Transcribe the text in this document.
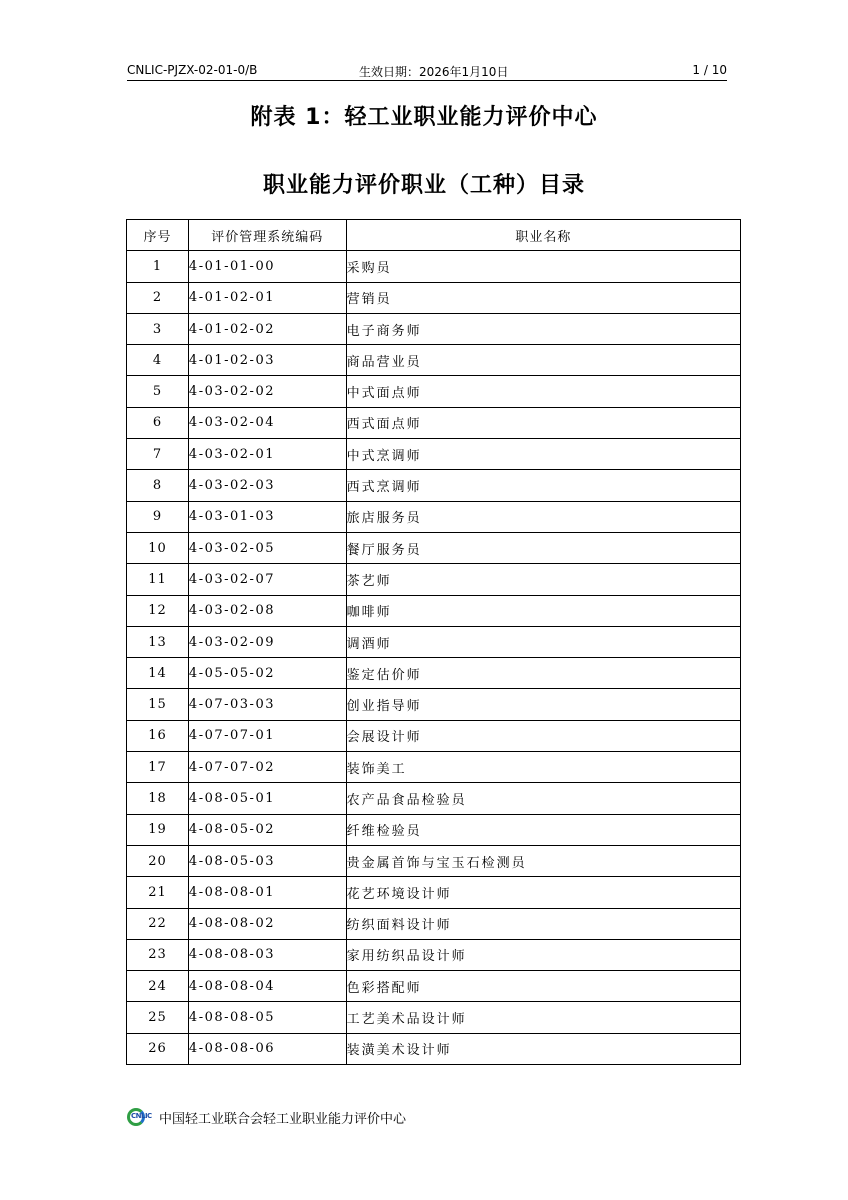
CNLIC-PJZX-02-01-0/B	生效日期：2026年1月10日	1 / 10
附表 1：轻工业职业能力评价中心
职业能力评价职业（工种）目录
序号	评价管理系统编码	职业名称
1	4-01-01-00	采购员
2	4-01-02-01	营销员
3	4-01-02-02	电子商务师
4	4-01-02-03	商品营业员
5	4-03-02-02	中式面点师
6	4-03-02-04	西式面点师
7	4-03-02-01	中式烹调师
8	4-03-02-03	西式烹调师
9	4-03-01-03	旅店服务员
10	4-03-02-05	餐厅服务员
11	4-03-02-07	茶艺师
12	4-03-02-08	咖啡师
13	4-03-02-09	调酒师
14	4-05-05-02	鉴定估价师
15	4-07-03-03	创业指导师
16	4-07-07-01	会展设计师
17	4-07-07-02	装饰美工
18	4-08-05-01	农产品食品检验员
19	4-08-05-02	纤维检验员
20	4-08-05-03	贵金属首饰与宝玉石检测员
21	4-08-08-01	花艺环境设计师
22	4-08-08-02	纺织面料设计师
23	4-08-08-03	家用纺织品设计师
24	4-08-08-04	色彩搭配师
25	4-08-08-05	工艺美术品设计师
26	4-08-08-06	装潢美术设计师
CNLIC 中国轻工业联合会轻工业职业能力评价中心
